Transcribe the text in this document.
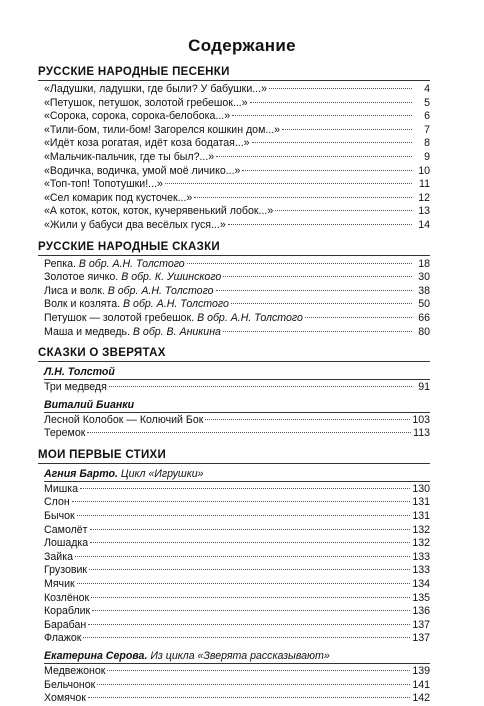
Содержание
РУССКИЕ НАРОДНЫЕ ПЕСЕНКИ
«Ладушки, ладушки, где были? У бабушки...»	4
«Петушок, петушок, золотой гребешок...»	5
«Сорока, сорока, сорока-белобока...»	6
«Тили-бом, тили-бом! Загорелся кошкин дом...»	7
«Идёт коза рогатая, идёт коза бодатая...»	8
«Мальчик-пальчик, где ты был?...»	9
«Водичка, водичка, умой моё личико...»	10
«Топ-топ! Топотушки!...»	11
«Сел комарик под кусточек...»	12
«А коток, коток, коток, кучерявенький лобок...»	13
«Жили у бабуси два весёлых гуся...»	14
РУССКИЕ НАРОДНЫЕ СКАЗКИ
Репка. В обр. А.Н. Толстого	18
Золотое яичко. В обр. К. Ушинского	30
Лиса и волк. В обр. А.Н. Толстого	38
Волк и козлята. В обр. А.Н. Толстого	50
Петушок — золотой гребешок. В обр. А.Н. Толстого	66
Маша и медведь. В обр. В. Аникина	80
СКАЗКИ О ЗВЕРЯТАХ
Л.Н. Толстой
Три медведя	91
Виталий Бианки
Лесной Колобок — Колючий Бок	103
Теремок	113
МОИ ПЕРВЫЕ СТИХИ
Агния Барто. Цикл «Игрушки»
Мишка	130
Слон	131
Бычок	131
Самолёт	132
Лошадка	132
Зайка	133
Грузовик	133
Мячик	134
Козлёнок	135
Кораблик	136
Барабан	137
Флажок	137
Екатерина Серова. Из цикла «Зверята рассказывают»
Медвежонок	139
Бельчонок	141
Хомячок	142
